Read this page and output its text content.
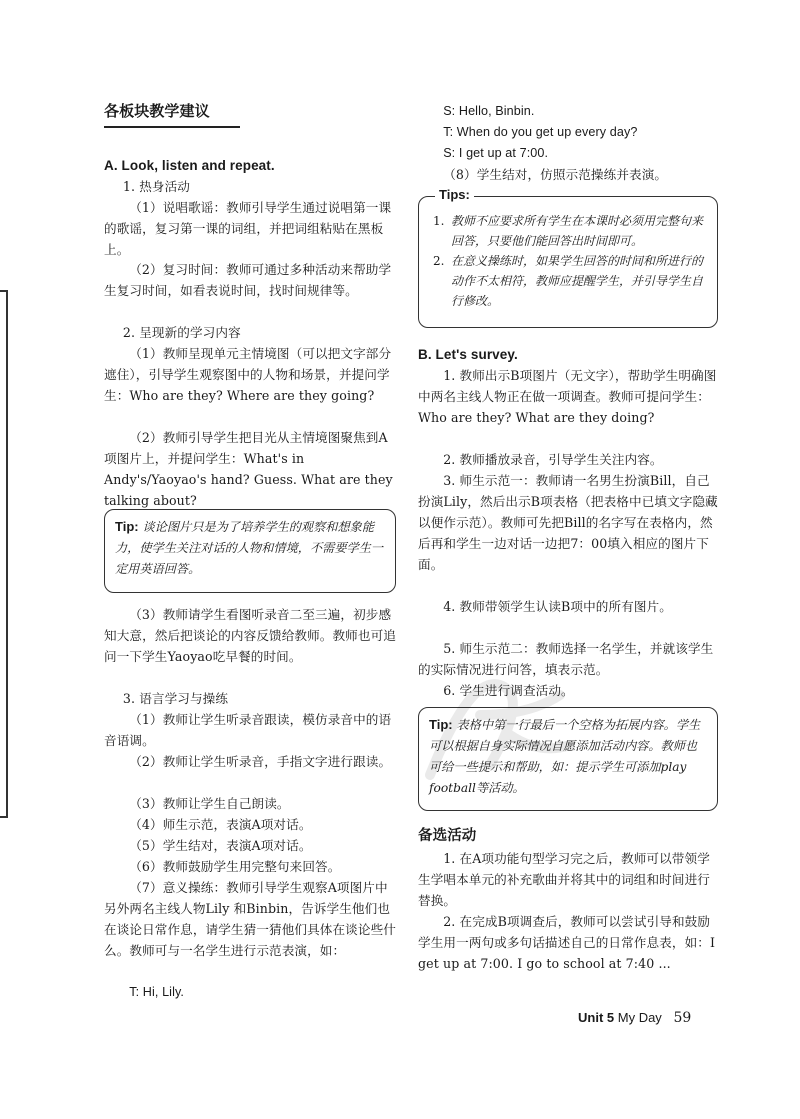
各板块教学建议
A. Look, listen and repeat.
1. 热身活动
（1）说唱歌谣：教师引导学生通过说唱第一课的歌谣，复习第一课的词组，并把词组粘贴在黑板上。
（2）复习时间：教师可通过多种活动来帮助学生复习时间，如看表说时间，找时间规律等。
2. 呈现新的学习内容
（1）教师呈现单元主情境图（可以把文字部分遮住），引导学生观察图中的人物和场景，并提问学生：Who are they? Where are they going?
（2）教师引导学生把目光从主情境图聚焦到A项图片上，并提问学生：What's in Andy's/Yaoyao's hand? Guess. What are they talking about?
Tip: 谈论图片只是为了培养学生的观察和想象能力，使学生关注对话的人物和情境，不需要学生一定用英语回答。
（3）教师请学生看图听录音二至三遍，初步感知大意，然后把谈论的内容反馈给教师。教师也可追问一下学生Yaoyao吃早餐的时间。
3. 语言学习与操练
（1）教师让学生听录音跟读，模仿录音中的语音语调。
（2）教师让学生听录音，手指文字进行跟读。
（3）教师让学生自己朗读。
（4）师生示范，表演A项对话。
（5）学生结对，表演A项对话。
（6）教师鼓励学生用完整句来回答。
（7）意义操练：教师引导学生观察A项图片中另外两名主线人物Lily 和Binbin，告诉学生他们也在谈论日常作息，请学生猜一猜他们具体在谈论些什么。教师可与一名学生进行示范表演，如：
T: Hi, Lily.
S: Hello, Binbin.
T: When do you get up every day?
S: I get up at 7:00.
（8）学生结对，仿照示范操练并表演。
Tips:
1. 教师不应要求所有学生在本课时必须用完整句来回答，只要他们能回答出时间即可。
2. 在意义操练时，如果学生回答的时间和所进行的动作不太相符，教师应提醒学生，并引导学生自行修改。
B. Let's survey.
1. 教师出示B项图片（无文字），帮助学生明确图中两名主线人物正在做一项调查。教师可提问学生：Who are they? What are they doing?
2. 教师播放录音，引导学生关注内容。
3. 师生示范一：教师请一名男生扮演Bill，自己扮演Lily，然后出示B项表格（把表格中已填文字隐藏以便作示范）。教师可先把Bill的名字写在表格内，然后再和学生一边对话一边把7：00填入相应的图片下面。
4. 教师带领学生认读B项中的所有图片。
5. 师生示范二：教师选择一名学生，并就该学生的实际情况进行问答，填表示范。
6. 学生进行调查活动。
Tip: 表格中第一行最后一个空格为拓展内容。学生可以根据自身实际情况自愿添加活动内容。教师也可给一些提示和帮助，如：提示学生可添加play football等活动。
备选活动
1. 在A项功能句型学习完之后，教师可以带领学生学唱本单元的补充歌曲并将其中的词组和时间进行替换。
2. 在完成B项调查后，教师可以尝试引导和鼓励学生用一两句或多句话描述自己的日常作息表，如：I get up at 7:00. I go to school at 7:40 ...
Unit 5 My Day 59
